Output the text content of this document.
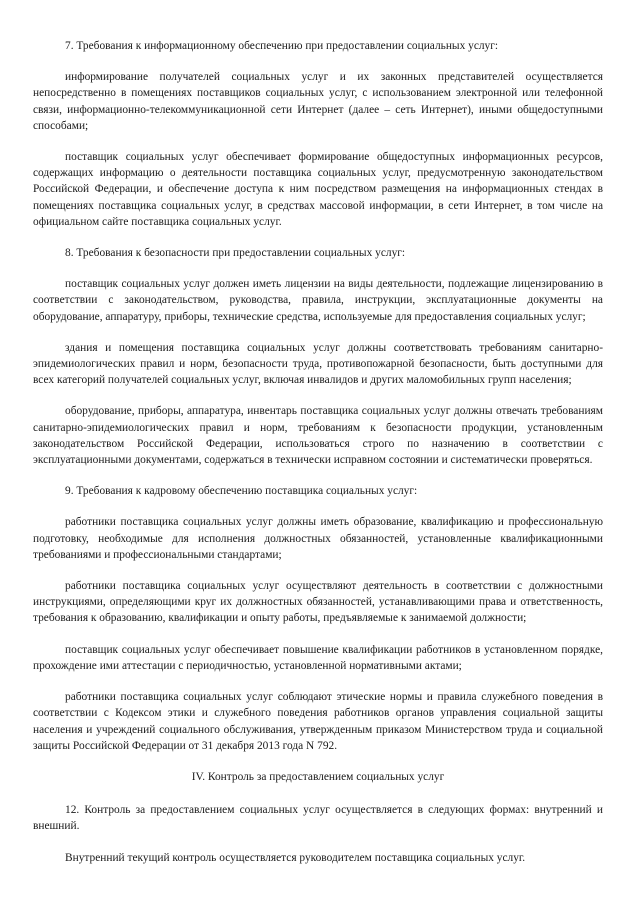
7. Требования к информационному обеспечению при предоставлении социальных услуг:

информирование получателей социальных услуг и их законных представителей осуществляется непосредственно в помещениях поставщиков социальных услуг, с использованием электронной или телефонной связи, информационно-телекоммуникационной сети Интернет (далее – сеть Интернет), иными общедоступными способами;

поставщик социальных услуг обеспечивает формирование общедоступных информационных ресурсов, содержащих информацию о деятельности поставщика социальных услуг, предусмотренную законодательством Российской Федерации, и обеспечение доступа к ним посредством размещения на информационных стендах в помещениях поставщика социальных услуг, в средствах массовой информации, в сети Интернет, в том числе на официальном сайте поставщика социальных услуг.

8. Требования к безопасности при предоставлении социальных услуг:

поставщик социальных услуг должен иметь лицензии на виды деятельности, подлежащие лицензированию в соответствии с законодательством, руководства, правила, инструкции, эксплуатационные документы на оборудование, аппаратуру, приборы, технические средства, используемые для предоставления социальных услуг;

здания и помещения поставщика социальных услуг должны соответствовать требованиям санитарно-эпидемиологических правил и норм, безопасности труда, противопожарной безопасности, быть доступными для всех категорий получателей социальных услуг, включая инвалидов и других маломобильных групп населения;

оборудование, приборы, аппаратура, инвентарь поставщика социальных услуг должны отвечать требованиям санитарно-эпидемиологических правил и норм, требованиям к безопасности продукции, установленным законодательством Российской Федерации, использоваться строго по назначению в соответствии с эксплуатационными документами, содержаться в технически исправном состоянии и систематически проверяться.

9. Требования к кадровому обеспечению поставщика социальных услуг:

работники поставщика социальных услуг должны иметь образование, квалификацию и профессиональную подготовку, необходимые для исполнения должностных обязанностей, установленные квалификационными требованиями и профессиональными стандартами;

работники поставщика социальных услуг осуществляют деятельность в соответствии с должностными инструкциями, определяющими круг их должностных обязанностей, устанавливающими права и ответственность, требования к образованию, квалификации и опыту работы, предъявляемые к занимаемой должности;

поставщик социальных услуг обеспечивает повышение квалификации работников в установленном порядке, прохождение ими аттестации с периодичностью, установленной нормативными актами;

работники поставщика социальных услуг соблюдают этические нормы и правила служебного поведения в соответствии с Кодексом этики и служебного поведения работников органов управления социальной защиты населения и учреждений социального обслуживания, утвержденным приказом Министерством труда и социальной защиты Российской Федерации от 31 декабря 2013 года N 792.

IV. Контроль за предоставлением социальных услуг

12. Контроль за предоставлением социальных услуг осуществляется в следующих формах: внутренний и внешний.

Внутренний текущий контроль осуществляется руководителем поставщика социальных услуг.
